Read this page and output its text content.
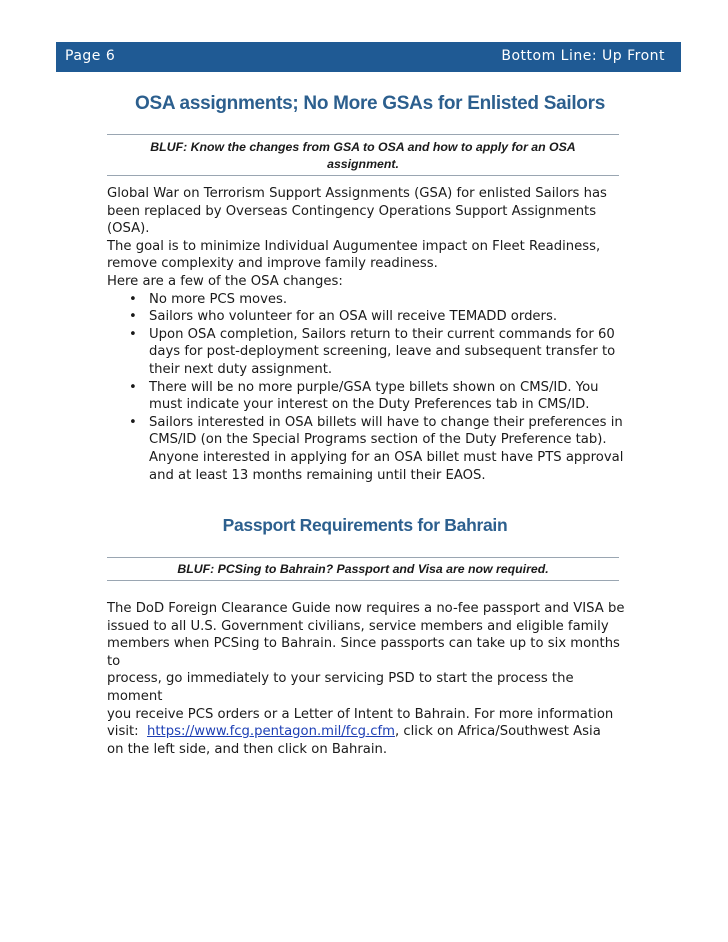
Page 6	Bottom Line: Up Front
OSA assignments; No More GSAs for Enlisted Sailors
BLUF: Know the changes from GSA to OSA and how to apply for an OSA
assignment.

Global War on Terrorism Support Assignments (GSA) for enlisted Sailors has

been replaced by Overseas Contingency Operations Support Assignments (OSA).

The goal is to minimize Individual Augumentee impact on Fleet Readiness,

remove complexity and improve family readiness.

Here are a few of the OSA changes:

• No more PCS moves.
• Sailors who volunteer for an OSA will receive TEMADD orders.
• Upon OSA completion, Sailors return to their current commands for 60
days for post-deployment screening, leave and subsequent transfer to
their next duty assignment.
• There will be no more purple/GSA type billets shown on CMS/ID. You
must indicate your interest on the Duty Preferences tab in CMS/ID.
• Sailors interested in OSA billets will have to change their preferences in
CMS/ID (on the Special Programs section of the Duty Preference tab).
Anyone interested in applying for an OSA billet must have PTS approval
and at least 13 months remaining until their EAOS.
Passport Requirements for Bahrain
BLUF: PCSing to Bahrain? Passport and Visa are now required.

The DoD Foreign Clearance Guide now requires a no-fee passport and VISA be

issued to all U.S. Government civilians, service members and eligible family

members when PCSing to Bahrain. Since passports can take up to six months to

process, go immediately to your servicing PSD to start the process the moment

you receive PCS orders or a Letter of Intent to Bahrain. For more information

visit:  https://www.fcg.pentagon.mil/fcg.cfm, click on Africa/Southwest Asia

on the left side, and then click on Bahrain.
